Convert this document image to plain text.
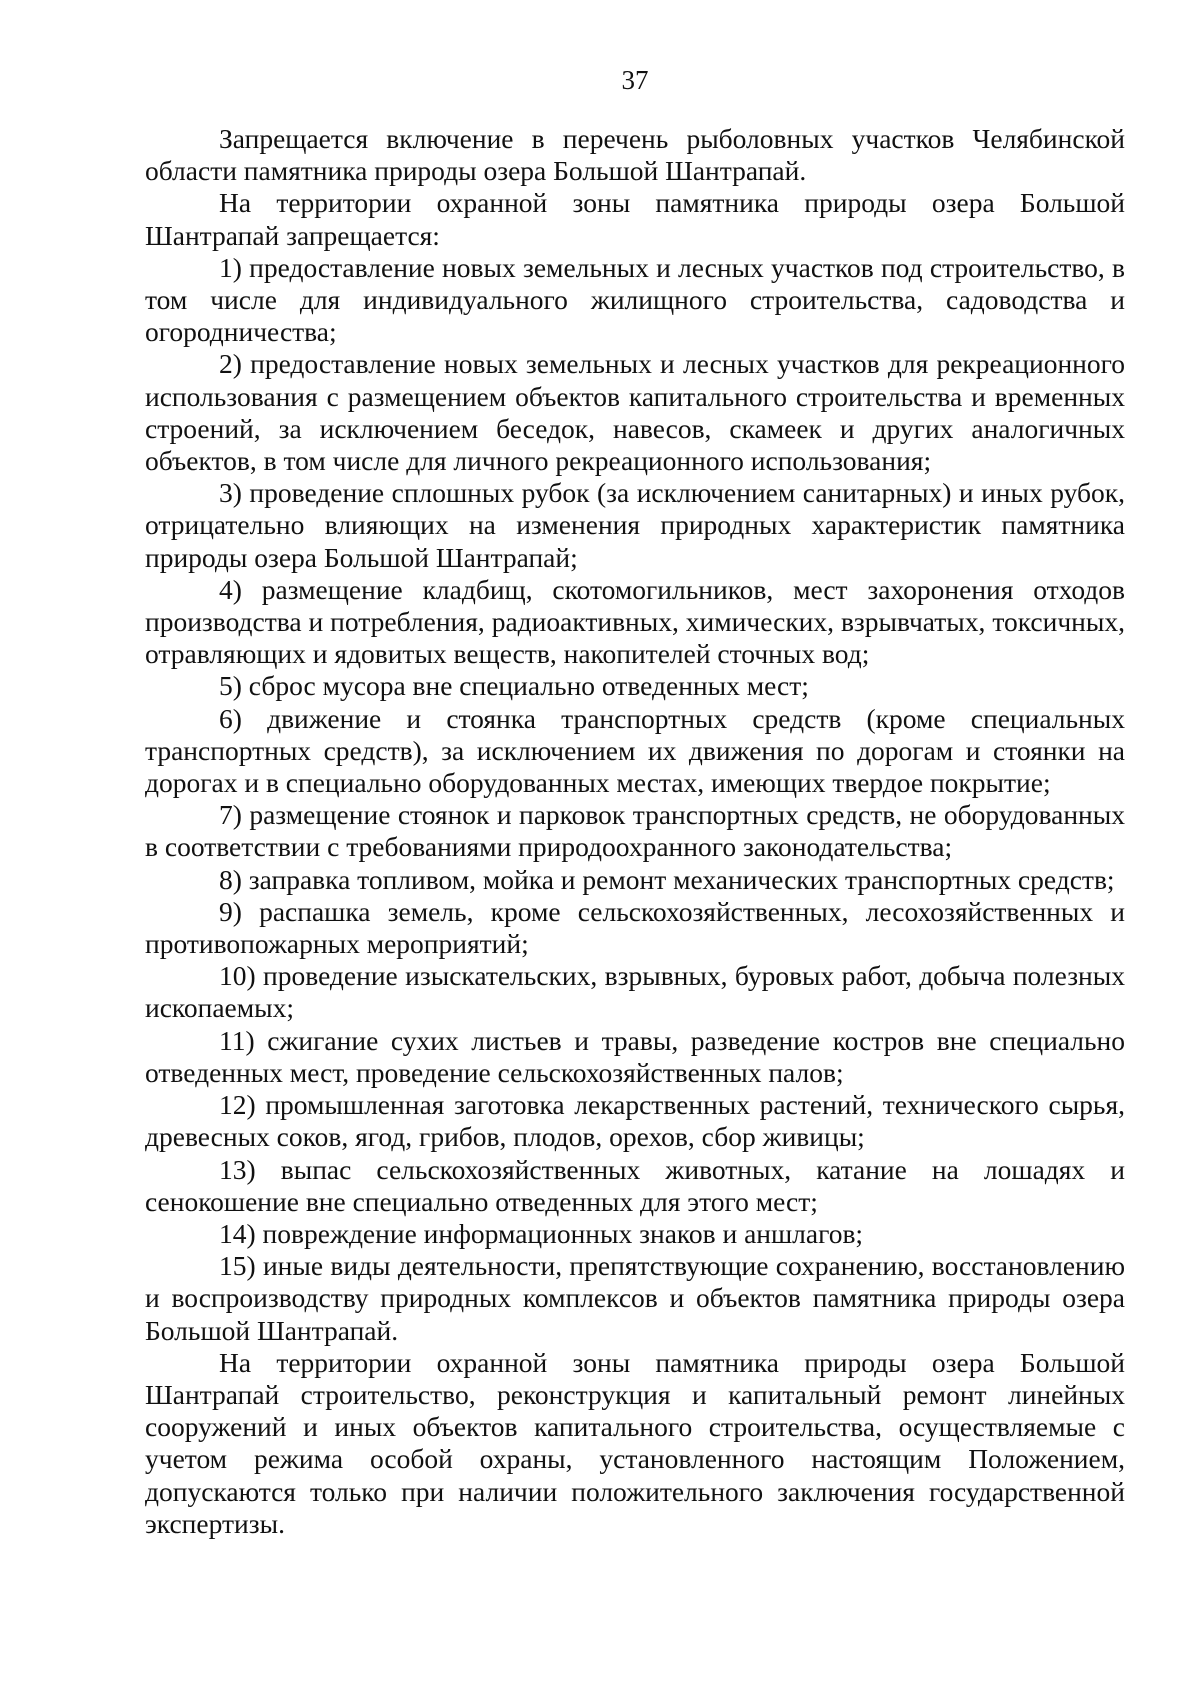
37

Запрещается включение в перечень рыболовных участков Челябинской области памятника природы озера Большой Шантрапай.

На территории охранной зоны памятника природы озера Большой Шантрапай запрещается:

1) предоставление новых земельных и лесных участков под строительство, в том числе для индивидуального жилищного строительства, садоводства и огородничества;

2) предоставление новых земельных и лесных участков для рекреационного использования с размещением объектов капитального строительства и временных строений, за исключением беседок, навесов, скамеек и других аналогичных объектов, в том числе для личного рекреационного использования;

3) проведение сплошных рубок (за исключением санитарных) и иных рубок, отрицательно влияющих на изменения природных характеристик памятника природы озера Большой Шантрапай;

4) размещение кладбищ, скотомогильников, мест захоронения отходов производства и потребления, радиоактивных, химических, взрывчатых, токсичных, отравляющих и ядовитых веществ, накопителей сточных вод;

5) сброс мусора вне специально отведенных мест;

6) движение и стоянка транспортных средств (кроме специальных транспортных средств), за исключением их движения по дорогам и стоянки на дорогах и в специально оборудованных местах, имеющих твердое покрытие;

7) размещение стоянок и парковок транспортных средств, не оборудованных в соответствии с требованиями природоохранного законодательства;

8) заправка топливом, мойка и ремонт механических транспортных средств;

9) распашка земель, кроме сельскохозяйственных, лесохозяйственных и противопожарных мероприятий;

10) проведение изыскательских, взрывных, буровых работ, добыча полезных ископаемых;

11) сжигание сухих листьев и травы, разведение костров вне специально отведенных мест, проведение сельскохозяйственных палов;

12) промышленная заготовка лекарственных растений, технического сырья, древесных соков, ягод, грибов, плодов, орехов, сбор живицы;

13) выпас сельскохозяйственных животных, катание на лошадях и сенокошение вне специально отведенных для этого мест;

14) повреждение информационных знаков и аншлагов;

15) иные виды деятельности, препятствующие сохранению, восстановлению и воспроизводству природных комплексов и объектов памятника природы озера Большой Шантрапай.

На территории охранной зоны памятника природы озера Большой Шантрапай строительство, реконструкция и капитальный ремонт линейных сооружений и иных объектов капитального строительства, осуществляемые с учетом режима особой охраны, установленного настоящим Положением, допускаются только при наличии положительного заключения государственной экспертизы.
